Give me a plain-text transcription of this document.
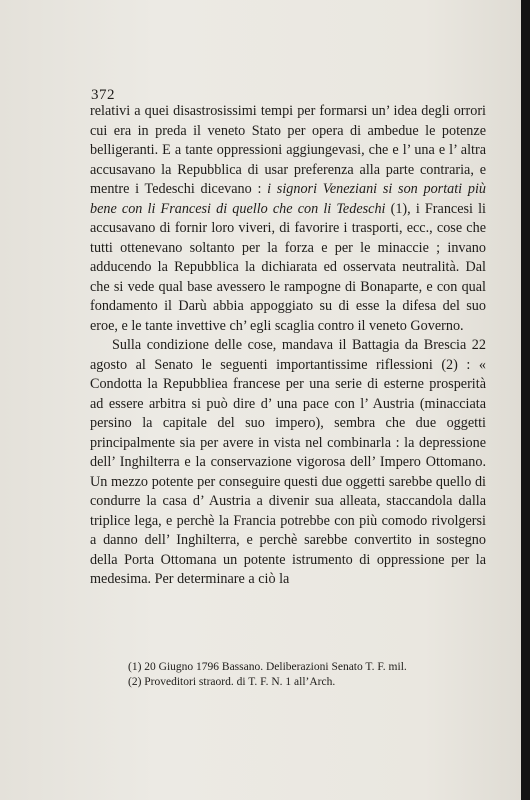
372

relativi a quei disastrosissimi tempi per formarsi un’ idea degli orrori cui era in preda il veneto Stato per opera di ambedue le potenze belligeranti. E a tante oppressioni aggiungevasi, che e l’ una e l’ altra accusavano la Repubblica di usar preferenza alla parte contraria, e mentre i Tedeschi dicevano : i signori Veneziani si son portati più bene con li Francesi di quello che con li Tedeschi (1), i Francesi li accusavano di fornir loro viveri, di favorire i trasporti, ecc., cose che tutti ottenevano soltanto per la forza e per le minaccie ; invano adducendo la Repubblica la dichiarata ed osservata neutralità. Dal che si vede qual base avessero le rampogne di Bonaparte, e con qual fondamento il Darù abbia appoggiato su di esse la difesa del suo eroe, e le tante invettive ch’ egli scaglia contro il veneto Governo.

Sulla condizione delle cose, mandava il Battagia da Brescia 22 agosto al Senato le seguenti importantissime riflessioni (2) : « Condotta la Repubbliea francese per una serie di esterne prosperità ad essere arbitra si può dire d’ una pace con l’ Austria (minacciata persino la capitale del suo impero), sembra che due oggetti principalmente sia per avere in vista nel combinarla : la depressione dell’ Inghilterra e la conservazione vigorosa dell’ Impero Ottomano. Un mezzo potente per conseguire questi due oggetti sarebbe quello di condurre la casa d’ Austria a divenir sua alleata, staccandola dalla triplice lega, e perchè la Francia potrebbe con più comodo rivolgersi a danno dell’ Inghilterra, e perchè sarebbe convertito in sostegno della Porta Ottomana un potente istrumento di oppressione per la medesima. Per determinare a ciò la

(1) 20 Giugno 1796 Bassano. Deliberazioni Senato T. F. mil.
(2) Proveditori straord. di T. F. N. 1 all’Arch.
